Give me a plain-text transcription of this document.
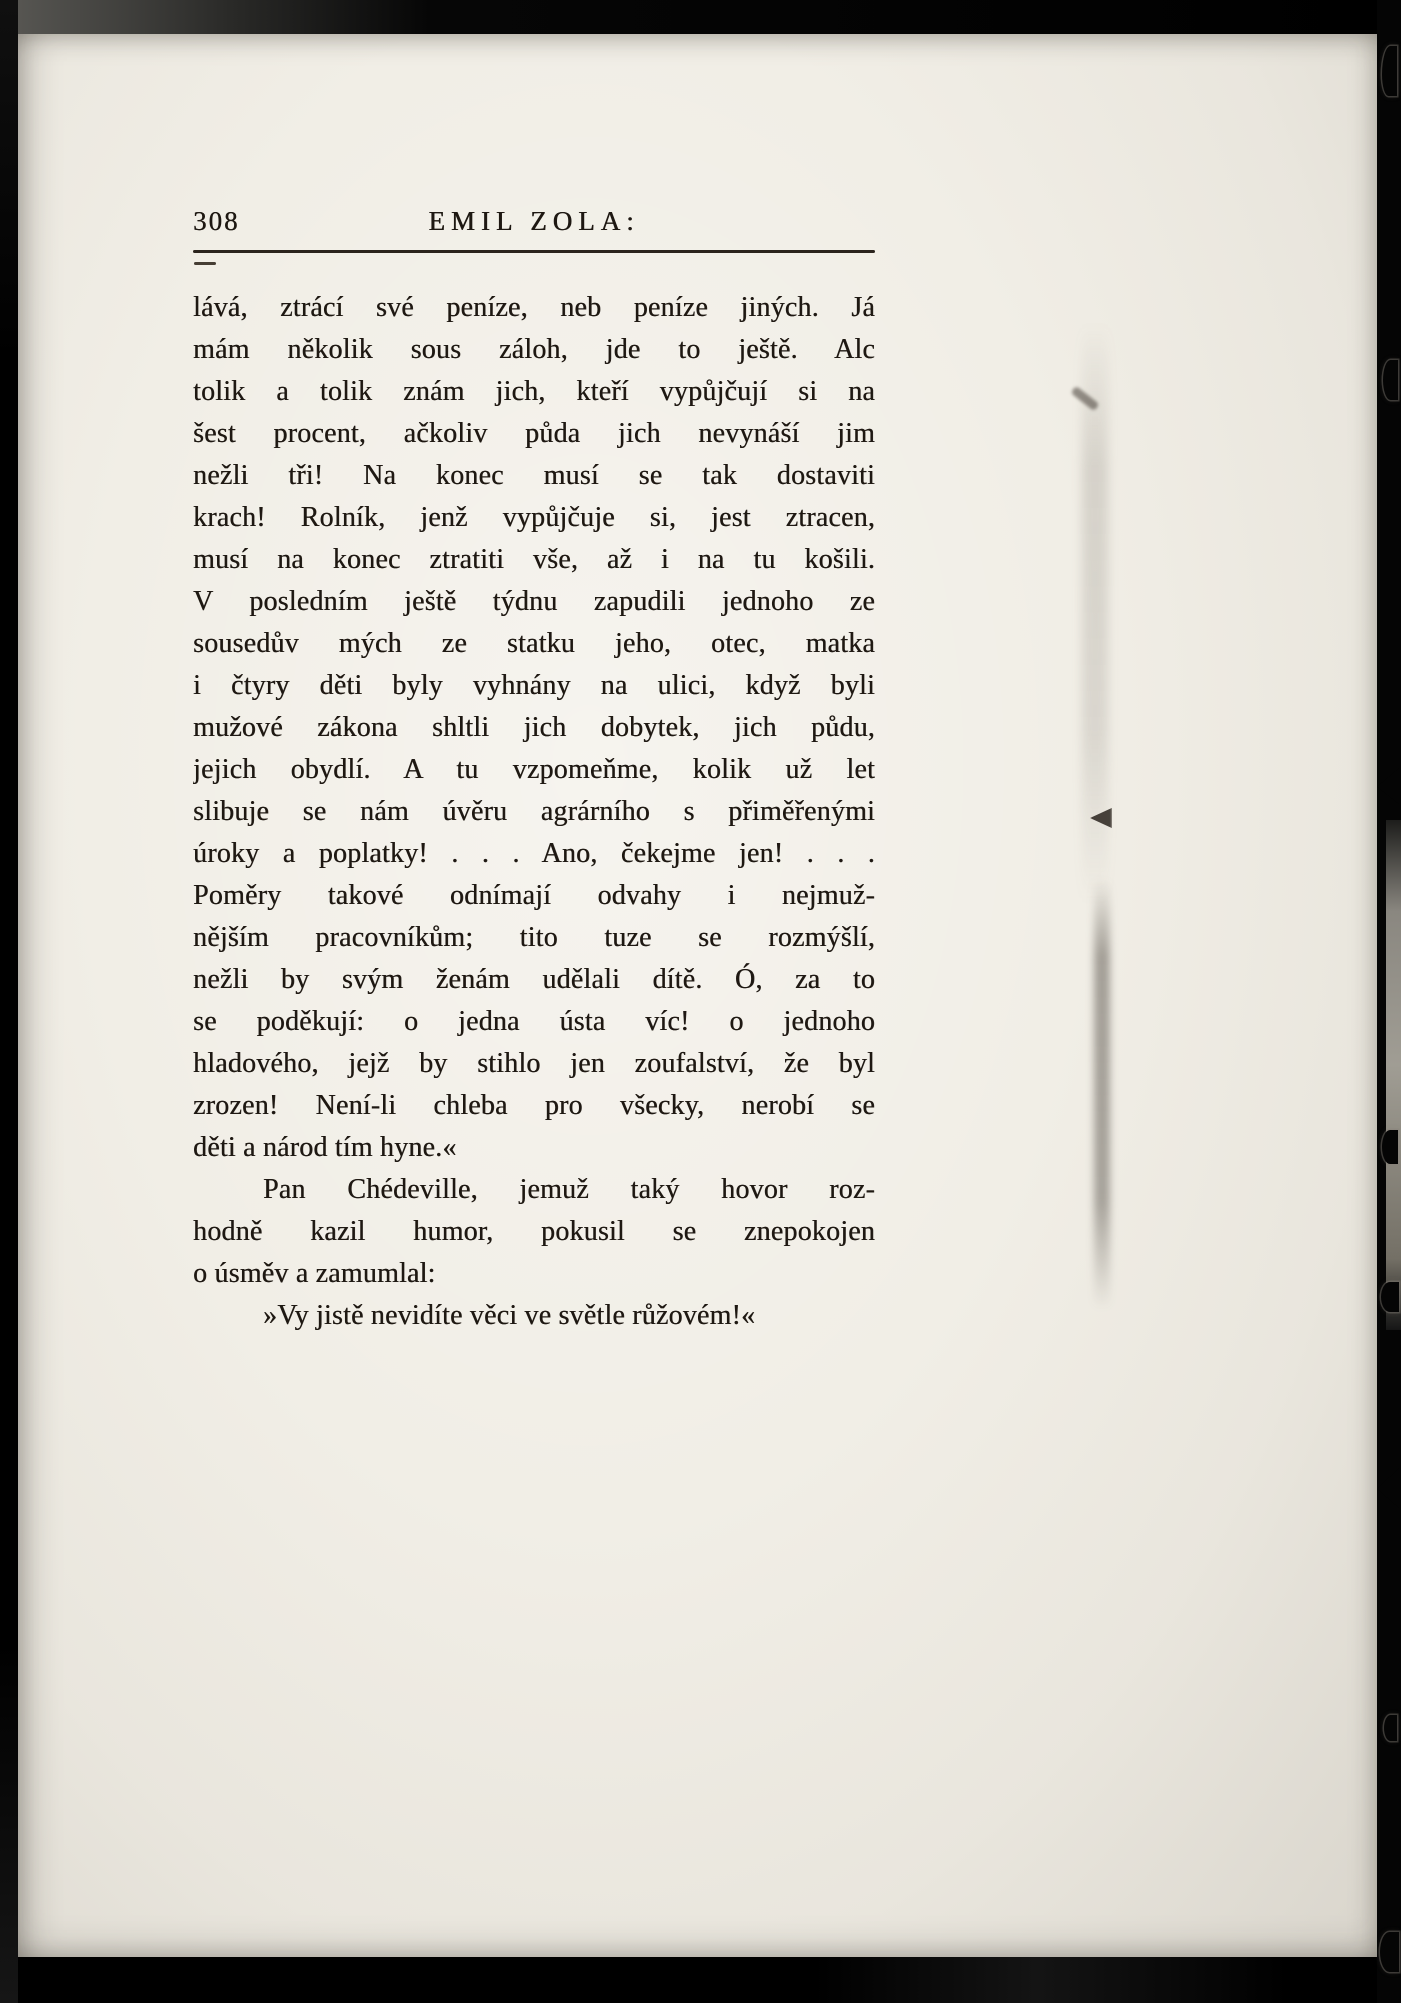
308	EMIL ZOLA:
lává, ztrácí své peníze, neb peníze jiných. Já
mám několik sous záloh, jde to ještě. Alc
tolik a tolik znám jich, kteří vypůjčují si na
šest procent, ačkoliv půda jich nevynáší jim
nežli tři! Na konec musí se tak dostaviti
krach! Rolník, jenž vypůjčuje si, jest ztracen,
musí na konec ztratiti vše, až i na tu košili.
V posledním ještě týdnu zapudili jednoho ze
sousedův mých ze statku jeho, otec, matka
i čtyry děti byly vyhnány na ulici, když byli
mužové zákona shltli jich dobytek, jich půdu,
jejich obydlí. A tu vzpomeňme, kolik už let
slibuje se nám úvěru agrárního s přiměřenými
úroky a poplatky! . . . Ano, čekejme jen! . . .
Poměry takové odnímají odvahy i nejmuž-
nějším pracovníkům; tito tuze se rozmýšlí,
nežli by svým ženám udělali dítě. Ó, za to
se poděkují: o jedna ústa víc! o jednoho
hladového, jejž by stihlo jen zoufalství, že byl
zrozen! Není-li chleba pro všecky, nerobí se
děti a národ tím hyne.«
Pan Chédeville, jemuž taký hovor roz-
hodně kazil humor, pokusil se znepokojen
o úsměv a zamumlal:
»Vy jistě nevidíte věci ve světle růžovém!«
